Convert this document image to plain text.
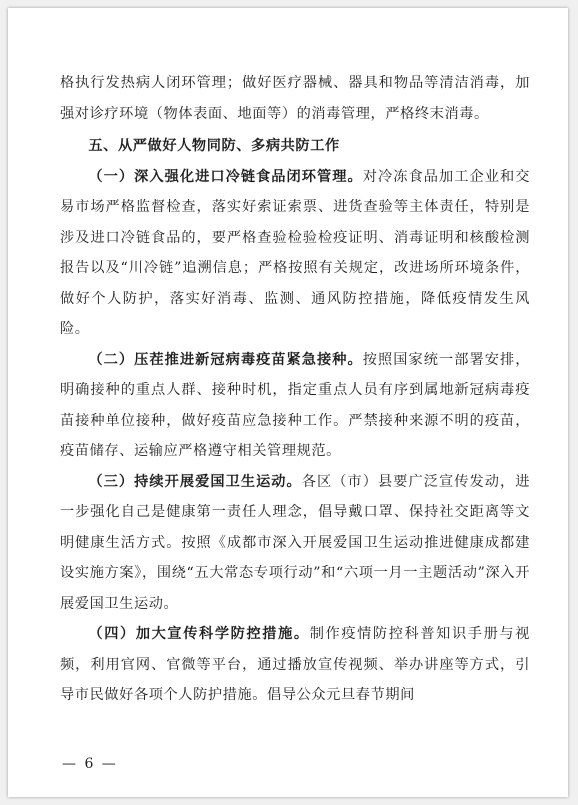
格执行发热病人闭环管理；做好医疗器械、器具和物品等清洁消毒，加强对诊疗环境（物体表面、地面等）的消毒管理，严格终末消毒。

五、从严做好人物同防、多病共防工作

（一）深入强化进口冷链食品闭环管理。对冷冻食品加工企业和交易市场严格监督检查，落实好索证索票、进货查验等主体责任，特别是涉及进口冷链食品的，要严格查验检验检疫证明、消毒证明和核酸检测报告以及“川冷链”追溯信息；严格按照有关规定，改进场所环境条件，做好个人防护，落实好消毒、监测、通风防控措施，降低疫情发生风险。

（二）压茬推进新冠病毒疫苗紧急接种。按照国家统一部署安排，明确接种的重点人群、接种时机，指定重点人员有序到属地新冠病毒疫苗接种单位接种，做好疫苗应急接种工作。严禁接种来源不明的疫苗，疫苗储存、运输应严格遵守相关管理规范。

（三）持续开展爱国卫生运动。各区（市）县要广泛宣传发动，进一步强化自己是健康第一责任人理念，倡导戴口罩、保持社交距离等文明健康生活方式。按照《成都市深入开展爱国卫生运动推进健康成都建设实施方案》，围绕“五大常态专项行动”和“六项一月一主题活动”深入开展爱国卫生运动。

（四）加大宣传科学防控措施。制作疫情防控科普知识手册与视频，利用官网、官微等平台，通过播放宣传视频、举办讲座等方式，引导市民做好各项个人防护措施。倡导公众元旦春节期间

— 6 —
